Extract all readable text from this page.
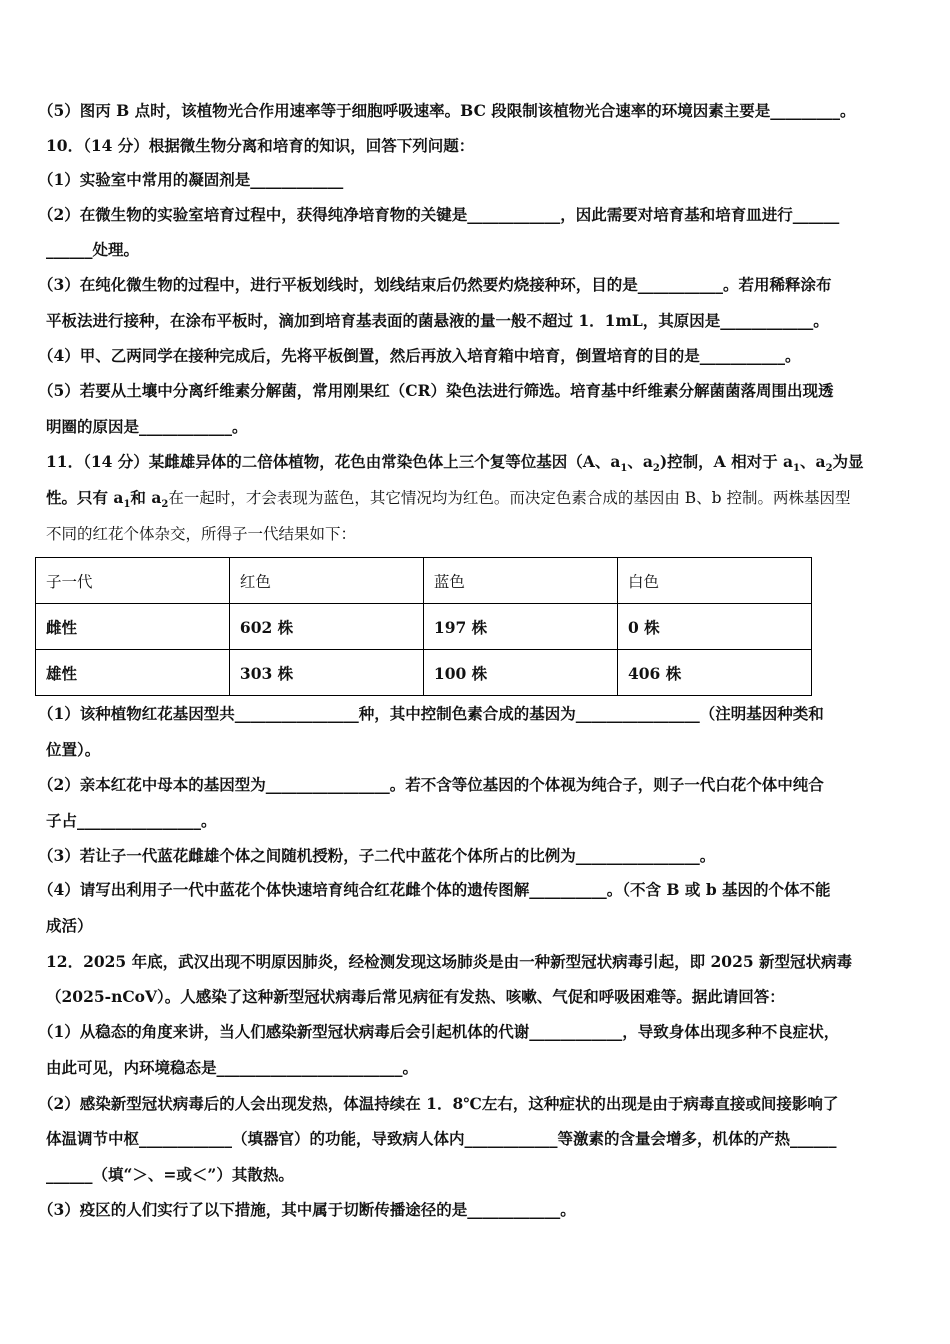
（5）图丙 B 点时，该植物光合作用速率等于细胞呼吸速率。BC 段限制该植物光合速率的环境因素主要是_________。
10．（14 分）根据微生物分离和培育的知识，回答下列问题：
（1）实验室中常用的凝固剂是____________
（2）在微生物的实验室培育过程中，获得纯净培育物的关键是____________，因此需要对培育基和培育皿进行______
______处理。
（3）在纯化微生物的过程中，进行平板划线时，划线结束后仍然要灼烧接种环，目的是___________。若用稀释涂布
平板法进行接种，在涂布平板时，滴加到培育基表面的菌悬液的量一般不超过 1．1mL，其原因是____________。
（4）甲、乙两同学在接种完成后，先将平板倒置，然后再放入培育箱中培育，倒置培育的目的是___________。
（5）若要从土壤中分离纤维素分解菌，常用刚果红（CR）染色法进行筛选。培育基中纤维素分解菌菌落周围出现透
明圈的原因是____________。
11．（14 分）某雌雄异体的二倍体植物，花色由常染色体上三个复等位基因（A、$a_1$、$a_2$)控制，A 相对于 $a_1$、$a_2$为显
性。只有 $a_1$和 $a_2$在一起时，才会表现为蓝色，其它情况均为红色。而决定色素合成的基因由 B、b 控制。两株基因型
不同的红花个体杂交，所得子一代结果如下：
子一代	红色	蓝色	白色
雌性	602 株	197 株	0 株
雄性	303 株	100 株	406 株
（1）该种植物红花基因型共________________种，其中控制色素合成的基因为________________（注明基因种类和
位置）。
（2）亲本红花中母本的基因型为________________。若不含等位基因的个体视为纯合子，则子一代白花个体中纯合
子占________________。
（3）若让子一代蓝花雌雄个体之间随机授粉，子二代中蓝花个体所占的比例为________________。
（4）请写出利用子一代中蓝花个体快速培育纯合红花雌个体的遗传图解__________。（不含 B 或 b 基因的个体不能
成活）
12．2025 年底，武汉出现不明原因肺炎，经检测发现这场肺炎是由一种新型冠状病毒引起，即 2025 新型冠状病毒
（2025-nCoV）。人感染了这种新型冠状病毒后常见病征有发热、咳嗽、气促和呼吸困难等。据此请回答：
（1）从稳态的角度来讲，当人们感染新型冠状病毒后会引起机体的代谢____________，导致身体出现多种不良症状，
由此可见，内环境稳态是________________________。
（2）感染新型冠状病毒后的人会出现发热，体温持续在 1．8℃左右，这种症状的出现是由于病毒直接或间接影响了
体温调节中枢____________（填器官）的功能，导致病人体内____________等激素的含量会增多，机体的产热______
______（填“＞、=或＜”）其散热。
（3）疫区的人们实行了以下措施，其中属于切断传播途径的是____________。
